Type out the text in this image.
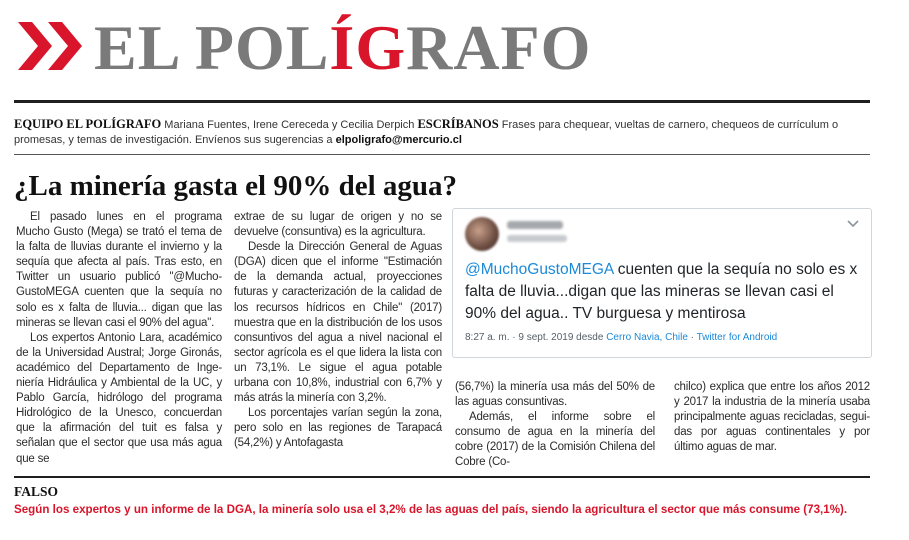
EL POLÍGRAFO
EQUIPO EL POLÍGRAFO Mariana Fuentes, Irene Cereceda y Cecilia Derpich ESCRÍBANOS Frases para chequear, vueltas de carnero, chequeos de currículum o promesas, y temas de investigación. Envíenos sus sugerencias a elpoligrafo@mercurio.cl
¿La minería gasta el 90% del agua?

El pasado lunes en el programa Mucho Gusto (Mega) se trató el tema de la falta de lluvias durante el invierno y la sequía que afecta al país. Tras esto, en Twitter un usuario publicó "@Mucho-GustoMEGA cuenten que la sequía no solo es x falta de lluvia... digan que las mineras se llevan casi el 90% del agua".

Los expertos Antonio Lara, académico de la Universidad Austral; Jorge Gironás, académico del Departamento de Inge-niería Hidráulica y Ambiental de la UC, y Pablo García, hidrólogo del programa Hidrológico de la Unesco, concuerdan que la afirmación del tuit es falsa y señalan que el sector que usa más agua que se

extrae de su lugar de origen y no se devuelve (consuntiva) es la agricultura.

Desde la Dirección General de Aguas (DGA) dicen que el informe "Estimación de la demanda actual, proyecciones futuras y caracterización de la calidad de los recursos hídricos en Chile" (2017) muestra que en la distribución de los usos consuntivos del agua a nivel nacional el sector agrícola es el que lidera la lista con un 73,1%. Le sigue el agua potable urbana con 10,8%, industrial con 6,7% y más atrás la minería con 3,2%.

Los porcentajes varían según la zona, pero solo en las regiones de Tarapacá (54,2%) y Antofagasta

@MuchoGustoMEGA cuenten que la sequía no solo es x falta de lluvia...digan que las mineras se llevan casi el 90% del agua.. TV burguesa y mentirosa
8:27 a. m. · 9 sept. 2019 desde Cerro Navia, Chile · Twitter for Android

(56,7%) la minería usa más del 50% de las aguas consuntivas.

Además, el informe sobre el consumo de agua en la minería del cobre (2017) de la Comisión Chilena del Cobre (Co-

chilco) explica que entre los años 2012 y 2017 la industria de la minería usaba principalmente aguas recicladas, segui-das por aguas continentales y por último aguas de mar.

FALSO
Según los expertos y un informe de la DGA, la minería solo usa el 3,2% de las aguas del país, siendo la agricultura el sector que más consume (73,1%).
